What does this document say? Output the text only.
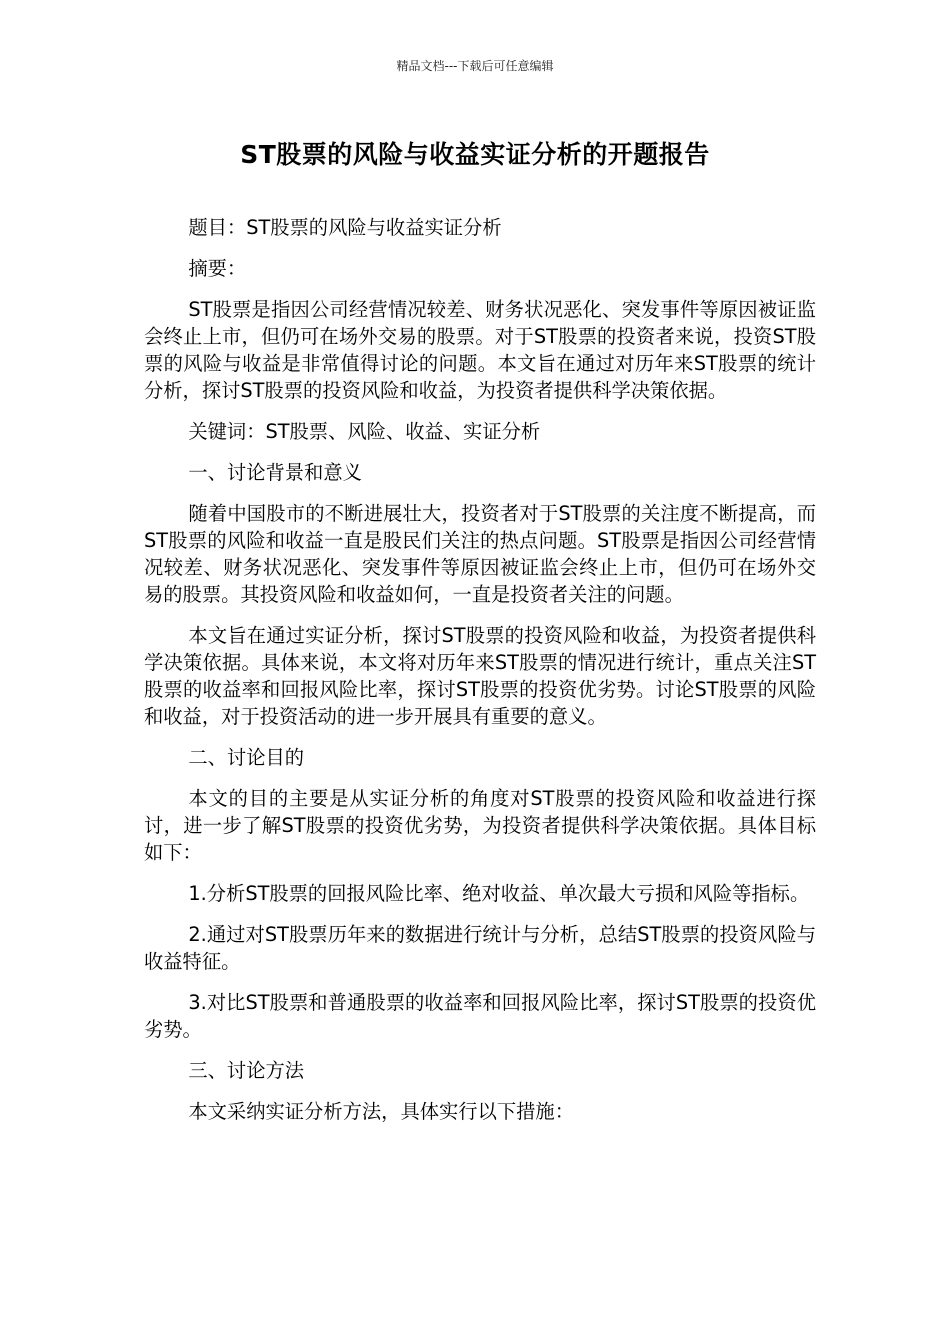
精品文档---下载后可任意编辑
ST股票的风险与收益实证分析的开题报告

题目：ST股票的风险与收益实证分析

摘要：

ST股票是指因公司经营情况较差、财务状况恶化、突发事件等原因被证监会终止上市，但仍可在场外交易的股票。对于ST股票的投资者来说，投资ST股票的风险与收益是非常值得讨论的问题。本文旨在通过对历年来ST股票的统计分析，探讨ST股票的投资风险和收益，为投资者提供科学决策依据。

关键词：ST股票、风险、收益、实证分析

一、讨论背景和意义

随着中国股市的不断进展壮大，投资者对于ST股票的关注度不断提高，而ST股票的风险和收益一直是股民们关注的热点问题。ST股票是指因公司经营情况较差、财务状况恶化、突发事件等原因被证监会终止上市，但仍可在场外交易的股票。其投资风险和收益如何，一直是投资者关注的问题。

本文旨在通过实证分析，探讨ST股票的投资风险和收益，为投资者提供科学决策依据。具体来说，本文将对历年来ST股票的情况进行统计，重点关注ST股票的收益率和回报风险比率，探讨ST股票的投资优劣势。讨论ST股票的风险和收益，对于投资活动的进一步开展具有重要的意义。

二、讨论目的

本文的目的主要是从实证分析的角度对ST股票的投资风险和收益进行探讨，进一步了解ST股票的投资优劣势，为投资者提供科学决策依据。具体目标如下：

1.分析ST股票的回报风险比率、绝对收益、单次最大亏损和风险等指标。

2.通过对ST股票历年来的数据进行统计与分析，总结ST股票的投资风险与收益特征。

3.对比ST股票和普通股票的收益率和回报风险比率，探讨ST股票的投资优劣势。

三、讨论方法

本文采纳实证分析方法，具体实行以下措施：
